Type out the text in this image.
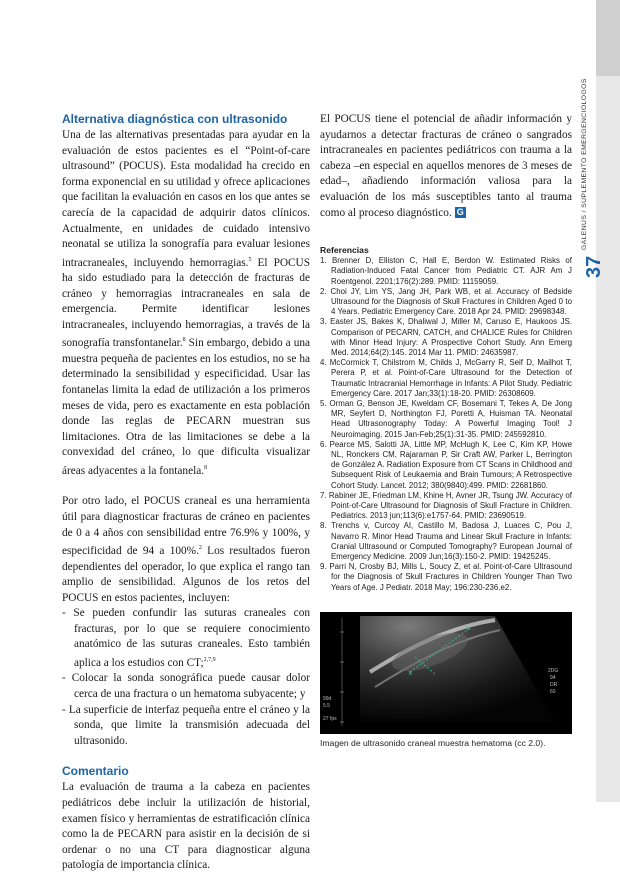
GALENUS / SUPLEMENTO EMERGENCIOLOGOS
37
Alternativa diagnóstica con ultrasonido

Una de las alternativas presentadas para ayudar en la evaluación de estos pacientes es el “Point-of-care ultrasound” (POCUS). Esta modalidad ha crecido en forma exponencial en su utilidad y ofrece aplicaciones que facilitan la evaluación en casos en los que antes se carecía de la capacidad de adquirir datos clínicos. Actualmente, en unidades de cuidado intensivo neonatal se utiliza la sonografía para evaluar lesiones intracraneales, incluyendo hemorragias.$^5$ El POCUS ha sido estudiado para la detección de fracturas de cráneo y hemorragias intracraneales en sala de emergencia. Permite identificar lesiones intracraneales, incluyendo hemorragias, a través de la sonografía transfontanelar.$^8$ Sin embargo, debido a una muestra pequeña de pacientes en los estudios, no se ha determinado la sensibilidad y especificidad. Usar las fontanelas limita la edad de utilización a los primeros meses de vida, pero es exactamente en esta población donde las reglas de PECARN muestran sus limitaciones. Otra de las limitaciones se debe a la convexidad del cráneo, lo que dificulta visualizar áreas adyacentes a la fontanela.$^8$

Por otro lado, el POCUS craneal es una herramienta útil para diagnosticar fracturas de cráneo en pacientes de 0 a 4 años con sensibilidad entre 76.9% y 100%, y especificidad de 94 a 100%.$^2$ Los resultados fueron dependientes del operador, lo que explica el rango tan amplio de sensibilidad. Algunos de los retos del POCUS en estos pacientes, incluyen:

- Se pueden confundir las suturas craneales con fracturas, por lo que se requiere conocimiento anatómico de las suturas craneales. Esto también aplica a los estudios con CT;$^{2,7,9}$
- Colocar la sonda sonográfica puede causar dolor cerca de una fractura o un hematoma subyacente; y
- La superficie de interfaz pequeña entre el cráneo y la sonda, que limite la transmisión adecuada del ultrasonido.
Comentario

La evaluación de trauma a la cabeza en pacientes pediátricos debe incluir la utilización de historial, examen físico y herramientas de estratificación clínica como la de PECARN para asistir en la decisión de si ordenar o no una CT para diagnosticar alguna patología de importancia clínica.

El POCUS tiene el potencial de añadir información y ayudarnos a detectar fracturas de cráneo o sangrados intracraneales en pacientes pediátricos con trauma a la cabeza –en especial en aquellos menores de 3 meses de edad–, añadiendo información valiosa para la evaluación de los más susceptibles tanto al trauma como al proceso diagnóstico. G

Referencias
1. Brenner D, Elliston C, Hall E, Berdon W. Estimated Risks of Radiation-Induced Fatal Cancer from Pediatric CT. AJR Am J Roentgenol. 2201;176(2):289. PMID: 11159059.
2. Choi JY, Lim YS, Jang JH, Park WB, et al. Accuracy of Bedside Ultrasound for the Diagnosis of Skull Fractures in Children Aged 0 to 4 Years. Pediatric Emergency Care. 2018 Apr 24. PMID: 29698348.
3. Easter JS, Bakes K, Dhaliwal J, Miller M, Caruso E, Haukoos JS. Comparison of PECARN, CATCH, and CHALICE Rules for Children with Minor Head Injury: A Prospective Cohort Study. Ann Emerg Med. 2014;64(2):145. 2014 Mar 11. PMID: 24635987.
4. McCormick T, Chilstrom M, Childs J, McGarry R, Seif D, Mailhot T, Perera P, et al. Point-of-Care Ultrasound for the Detection of Traumatic Intracranial Hemorrhage in Infants: A Pilot Study. Pediatric Emergency Care. 2017 Jan;33(1):18-20. PMID: 26308609.
5. Orman G, Benson JE, Kweldam CF, Bosemani T, Tekes A, De Jong MR, Seyfert D, Northington FJ, Poretti A, Huisman TA. Neonatal Head Ultrasonography Today: A Powerful Imaging Tool! J Neuroimaging. 2015 Jan-Feb;25(1):31-35. PMID: 245592810.
6. Pearce MS, Salotti JA, Little MP, McHugh K, Lee C, Kim KP, Howe NL, Ronckers CM, Rajaraman P, Sir Craft AW, Parker L, Berrington de González A. Radiation Exposure from CT Scans in Childhood and Subsequent Risk of Leukaemia and Brain Tumours; A Retrospective Cohort Study. Lancet. 2012; 380(9840):499. PMID: 22681860.
7. Rabiner JE, Friedman LM, Khine H, Avner JR, Tsung JW. Accuracy of Point-of-Care Ultrasound for Diagnosis of Skull Fracture in Children. Pediatrics. 2013 jun;113(6):e1757-64. PMID: 23690519.
8. Trenchs v, Curcoy AI, Castillo M, Badosa J, Luaces C, Pou J, Navarro R. Minor Head Trauma and Linear Skull Fracture in Infants: Cranial Ultrasound or Computed Tomography? European Journal of Emergency Medicine. 2009 Jun;16(3):150-2. PMID: 19425245.
9. Parri N, Crosby BJ, Mills L, Soucy Z, et al. Point-of-Care Ultrasound for the Diagnosis of Skull Fractures in Children Younger Than Two Years of Age. J Pediatr. 2018 May; 196:230-236.e2.
×
×
2DG
94
DR
60
99d
5.5
27 fps
Imagen de ultrasonido craneal muestra hematoma (cc 2.0).
